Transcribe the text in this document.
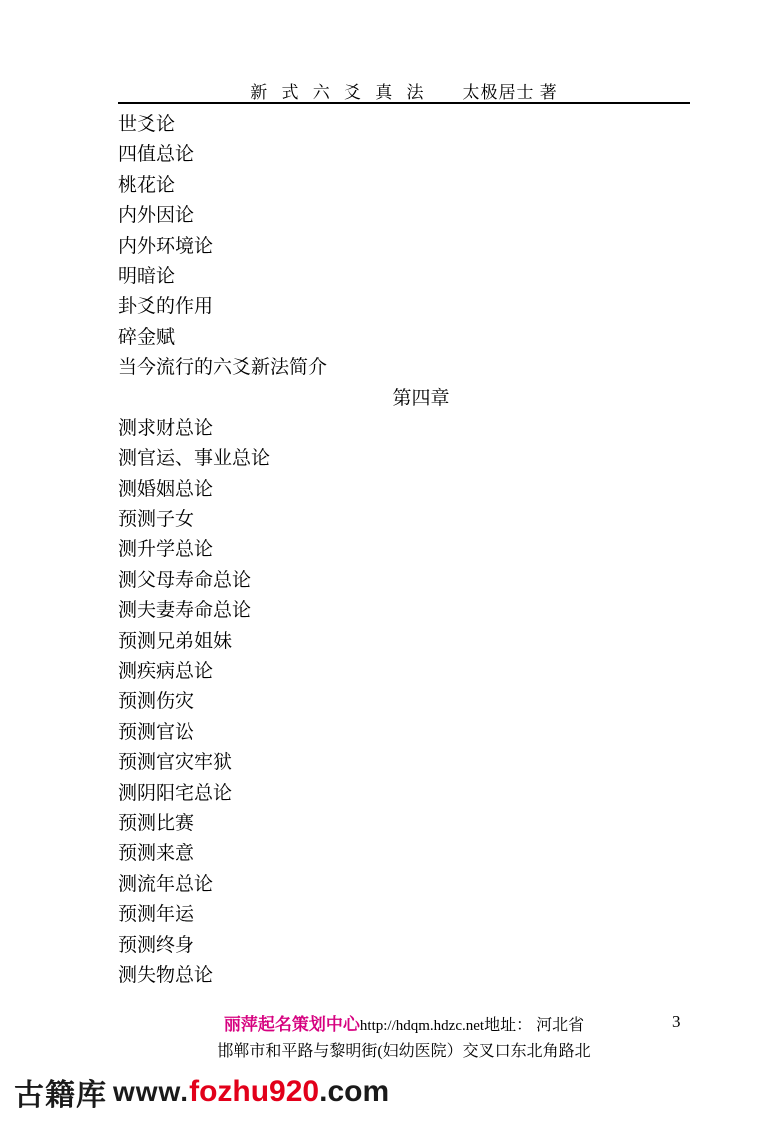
新 式 六 爻 真 法 太极居士 著
世爻论
四值总论
桃花论
内外因论
内外环境论
明暗论
卦爻的作用
碎金赋
当今流行的六爻新法简介
第四章
测求财总论
测官运、事业总论
测婚姻总论
预测子女
测升学总论
测父母寿命总论
测夫妻寿命总论
预测兄弟姐妹
测疾病总论
预测伤灾
预测官讼
预测官灾牢狱
测阴阳宅总论
预测比赛
预测来意
测流年总论
预测年运
预测终身
测失物总论
丽萍起名策划中心http://hdqm.hdzc.net地址： 河北省
邯郸市和平路与黎明街(妇幼医院）交叉口东北角路北
3
古籍库 www.fozhu920.com
